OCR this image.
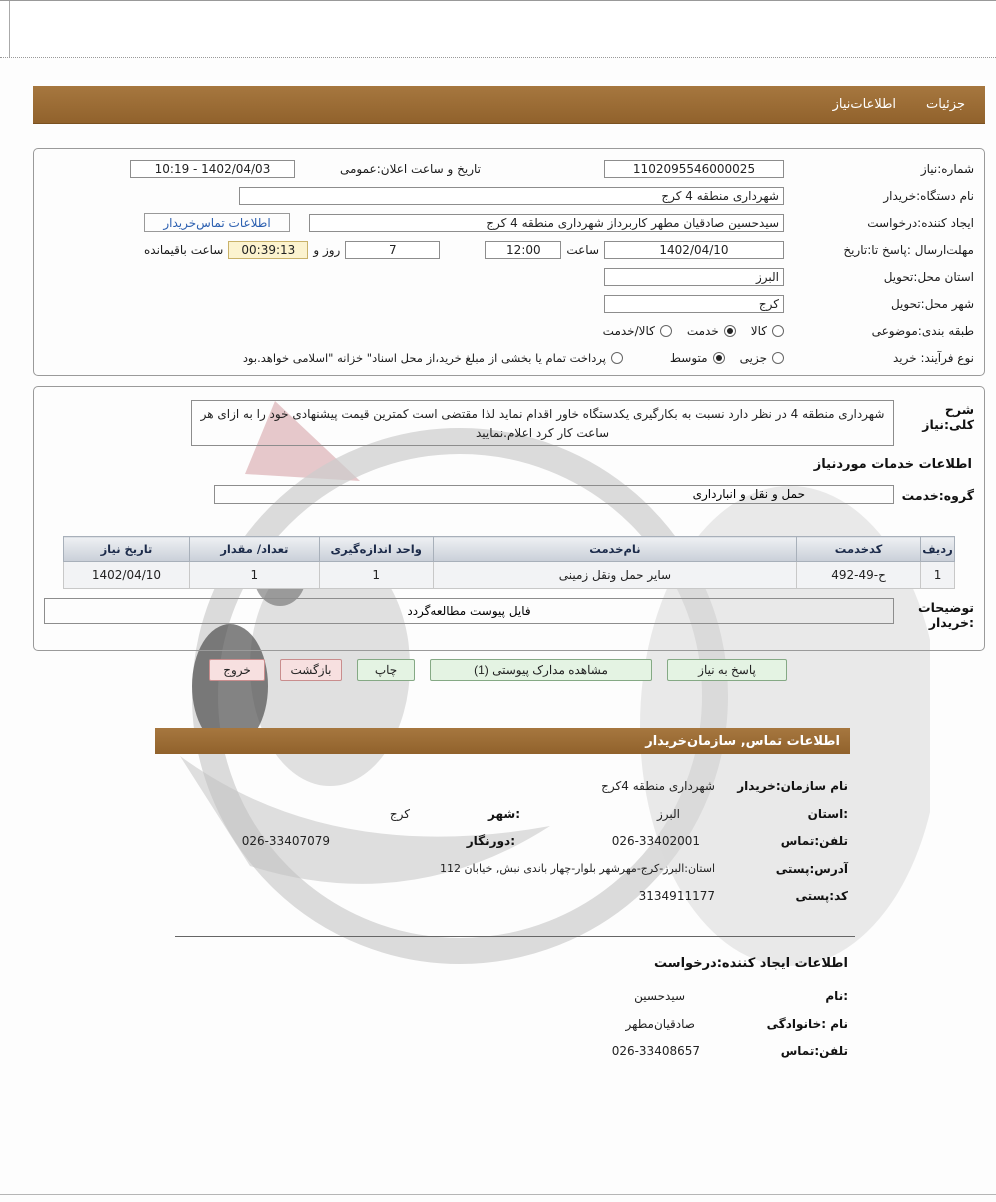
جزئیات
اطلاعات‌نیاز
شماره:نیاز
1102095546000025
تاریخ و ساعت اعلان:عمومی
10:19 - 1402/04/03
نام دستگاه:خریدار
شهرداری منطقه 4 کرج
ایجاد کننده:درخواست
سیدحسین صادقیان مطهر کاربرداز شهرداری منطقه 4 کرج
اطلاعات تماس‌خریدار
مهلت‌ارسال :پاسخ تا:تاریخ
1402/04/10
ساعت
12:00
7
روز و
00:39:13
ساعت باقیمانده
استان محل:تحویل
البرز
شهر محل:تحویل
کرج
طبقه بندی:موضوعی
کالا
خدمت
کالا/خدمت
نوع فرآیند: خرید
جزیی
متوسط
پرداخت تمام یا بخشی از مبلغ خرید،از محل اسناد" خزانه "اسلامی خواهد.بود
شرح کلی:نیاز
شهرداری منطقه 4 در نظر دارد نسبت به بکارگیری یکدستگاه خاور اقدام نماید لذا مقتضی است کمترین قیمت پیشنهادی خود را به ازای هر ساعت کار کرد اعلام.نمایید
اطلاعات خدمات موردنیاز
گروه:خدمت
حمل و نقل و انبارداری
ردیف	کدخدمت	نام‌خدمت	واحد اندازه‌گیری	تعداد/ مقدار	تاریخ نیاز
1	ح-49-492	سایر حمل ونقل زمینی	1	1	1402/04/10
توضیحات :خریدار
فایل پیوست مطالعه‌گردد
پاسخ به نیاز
مشاهده مدارک پیوستی (1)
چاپ
بازگشت
خروج
اطلاعات تماس, سازمان‌خریدار
نام سازمان:خریدار
شهرداری منطقه 4کرج
:استان
البرز
:شهر
کرج
تلفن:تماس
026-33402001
:دورنگار
026-33407079
آدرس:پستی
استان:البرز-کرج-مهرشهر بلوار-چهار باندی نبش, خیابان 112
کد:پستی
3134911177
اطلاعات ایجاد کننده:درخواست
:نام
سیدحسین
نام :خانوادگی
صادقیان‌مطهر
تلفن:تماس
026-33408657
